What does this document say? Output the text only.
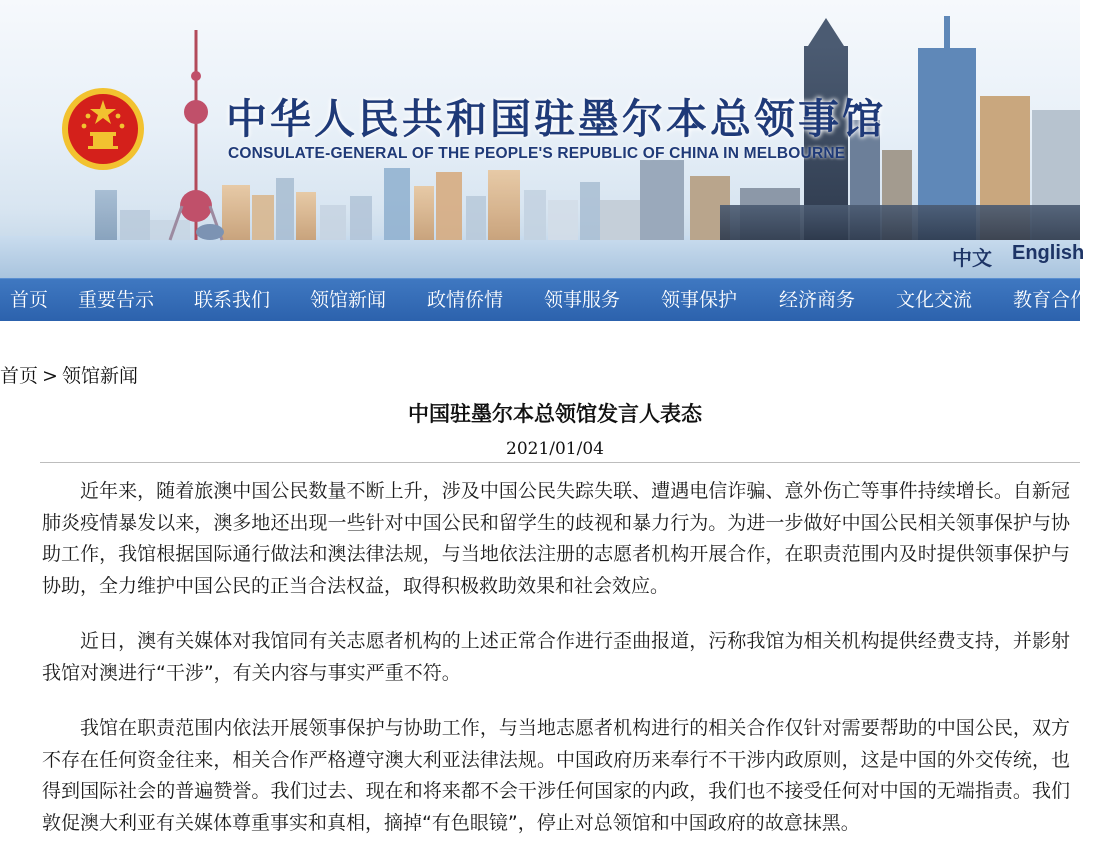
中华人民共和国驻墨尔本总领事馆
CONSULATE-GENERAL OF THE PEOPLE'S REPUBLIC OF CHINA IN MELBOURNE
中文 English
首页 重要告示 联系我们 领馆新闻 政情侨情 领事服务 领事保护 经济商务 文化交流 教育合作
首页 > 领馆新闻
中国驻墨尔本总领馆发言人表态
2021/01/04

近年来，随着旅澳中国公民数量不断上升，涉及中国公民失踪失联、遭遇电信诈骗、意外伤亡等事件持续增长。自新冠肺炎疫情暴发以来，澳多地还出现一些针对中国公民和留学生的歧视和暴力行为。为进一步做好中国公民相关领事保护与协助工作，我馆根据国际通行做法和澳法律法规，与当地依法注册的志愿者机构开展合作，在职责范围内及时提供领事保护与协助，全力维护中国公民的正当合法权益，取得积极救助效果和社会效应。

近日，澳有关媒体对我馆同有关志愿者机构的上述正常合作进行歪曲报道，污称我馆为相关机构提供经费支持，并影射我馆对澳进行“干涉”，有关内容与事实严重不符。

我馆在职责范围内依法开展领事保护与协助工作，与当地志愿者机构进行的相关合作仅针对需要帮助的中国公民，双方不存在任何资金往来，相关合作严格遵守澳大利亚法律法规。中国政府历来奉行不干涉内政原则，这是中国的外交传统，也得到国际社会的普遍赞誉。我们过去、现在和将来都不会干涉任何国家的内政，我们也不接受任何对中国的无端指责。我们敦促澳大利亚有关媒体尊重事实和真相，摘掉“有色眼镜”，停止对总领馆和中国政府的故意抹黑。
